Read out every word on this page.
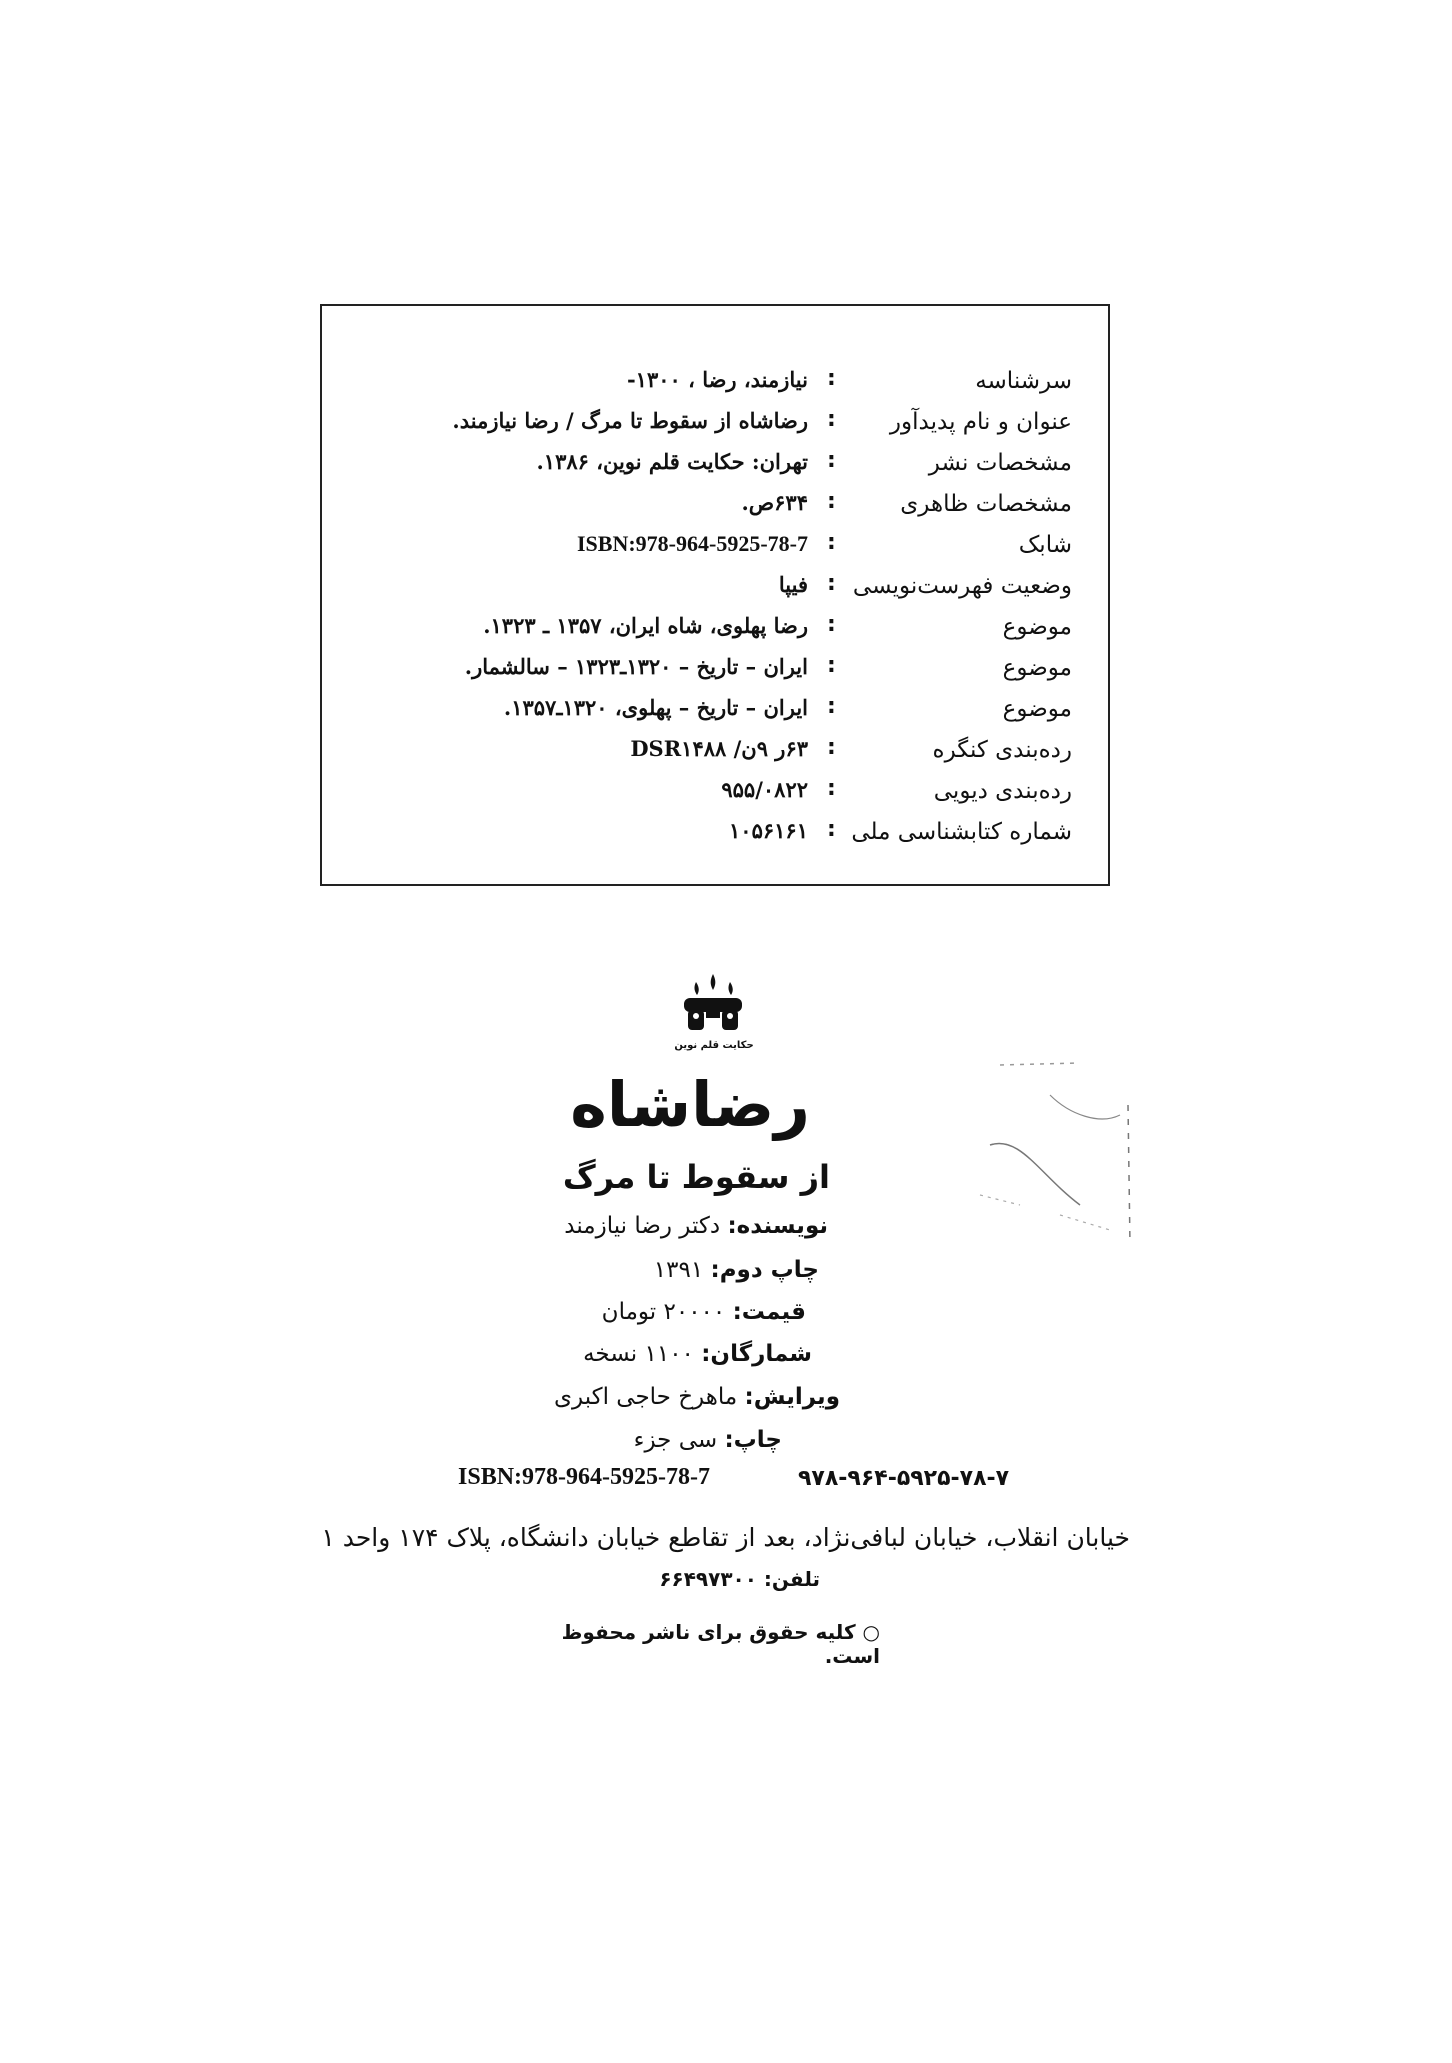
سرشناسه
:
نیازمند، رضا ، ۱۳۰۰-
عنوان و نام پدیدآور
:
رضاشاه از سقوط تا مرگ / رضا نیازمند.
مشخصات نشر
:
تهران: حکایت قلم نوین، ۱۳۸۶.
مشخصات ظاهری
:
۶۳۴ص.
شابک
:
ISBN:978-964-5925-78-7
وضعیت فهرست‌نویسی
:
فیپا
موضوع
:
رضا پهلوی، شاه ایران، ۱۳۵۷ ـ ۱۳۲۳.
موضوع
:
ایران – تاریخ – ۱۳۲۰ـ۱۳۲۳ – سالشمار.
موضوع
:
ایران – تاریخ – پهلوی، ۱۳۲۰ـ۱۳۵۷.
رده‌بندی کنگره
:
۶۳ر ۹ن/ DSR۱۴۸۸
رده‌بندی دیویی
:
۹۵۵/۰۸۲۲
شماره کتابشناسی ملی
:
۱۰۵۶۱۶۱
حکایت قلم نوین
رضاشاه
از سقوط تا مرگ
نویسنده: دکتر رضا نیازمند
چاپ دوم: ۱۳۹۱
قیمت: ۲۰۰۰۰ تومان
شمارگان: ۱۱۰۰ نسخه
ویرایش: ماهرخ حاجی اکبری
چاپ: سی جزء
۹۷۸-۹۶۴-۵۹۲۵-۷۸-۷
ISBN:978-964-5925-78-7
خیابان انقلاب، خیابان لبافی‌نژاد، بعد از تقاطع خیابان دانشگاه، پلاک ۱۷۴ واحد ۱
تلفن: ۶۶۴۹۷۳۰۰
○ کلیه حقوق برای ناشر محفوظ است.
